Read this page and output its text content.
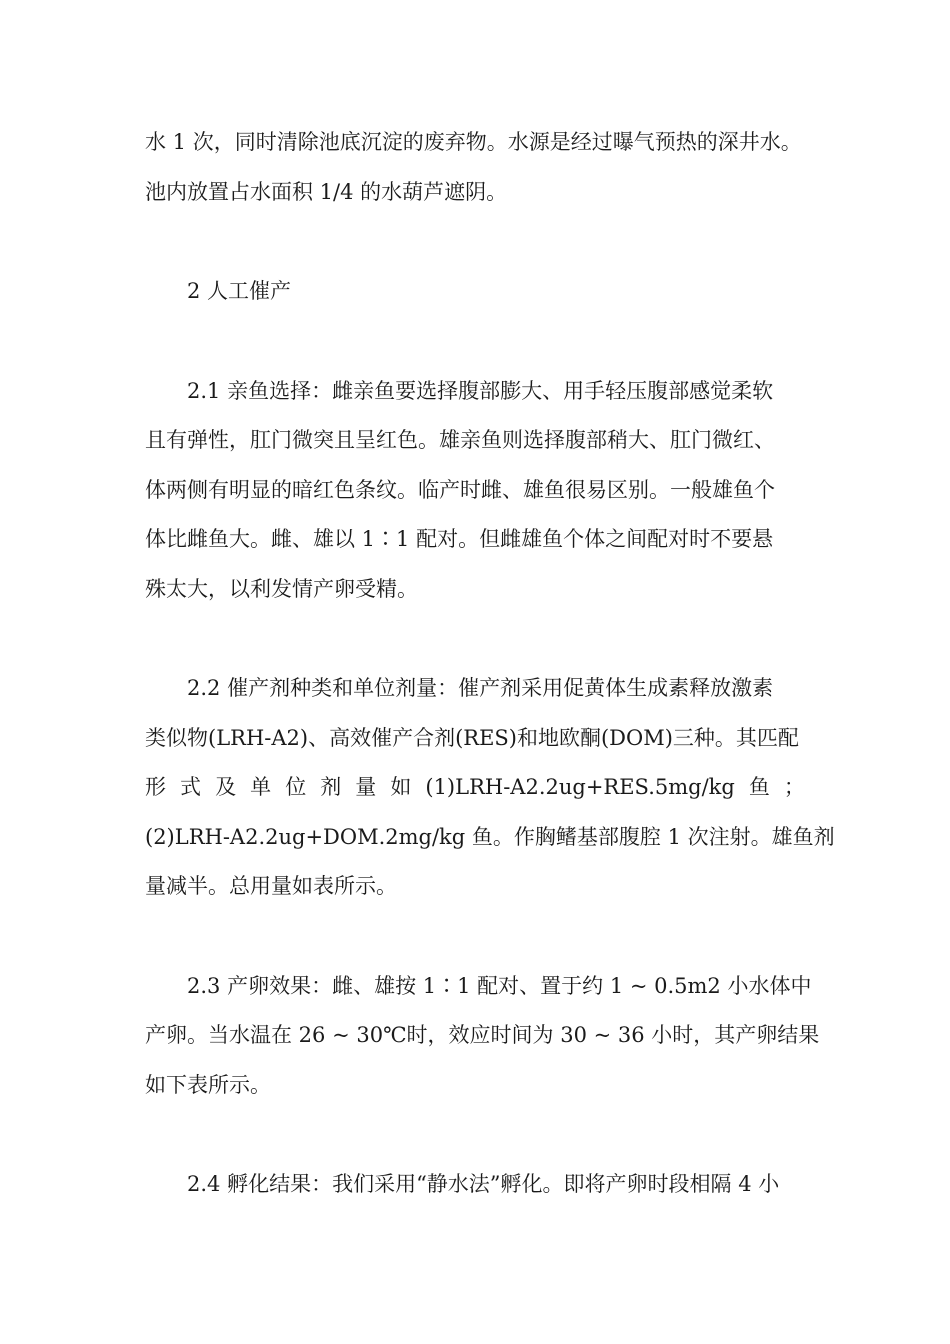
水 1 次，同时清除池底沉淀的废弃物。水源是经过曝气预热的深井水。
池内放置占水面积 1/4 的水葫芦遮阴。

2 人工催产

2.1 亲鱼选择：雌亲鱼要选择腹部膨大、用手轻压腹部感觉柔软
且有弹性，肛门微突且呈红色。雄亲鱼则选择腹部稍大、肛门微红、
体两侧有明显的暗红色条纹。临产时雌、雄鱼很易区别。一般雄鱼个
体比雌鱼大。雌、雄以 1∶1 配对。但雌雄鱼个体之间配对时不要悬
殊太大，以利发情产卵受精。

2.2 催产剂种类和单位剂量：催产剂采用促黄体生成素释放激素
类似物(LRH-A2)、高效催产合剂(RES)和地欧酮(DOM)三种。其匹配
形 式 及 单 位 剂 量 如 (1)LRH-A2.2ug+RES.5mg/kg 鱼 ；
(2)LRH-A2.2ug+DOM.2mg/kg 鱼。作胸鳍基部腹腔 1 次注射。雄鱼剂
量减半。总用量如表所示。

2.3 产卵效果：雌、雄按 1∶1 配对、置于约 1 ~ 0.5m2 小水体中
产卵。当水温在 26 ~ 30℃时，效应时间为 30 ~ 36 小时，其产卵结果
如下表所示。

2.4 孵化结果：我们采用“静水法”孵化。即将产卵时段相隔 4 小
